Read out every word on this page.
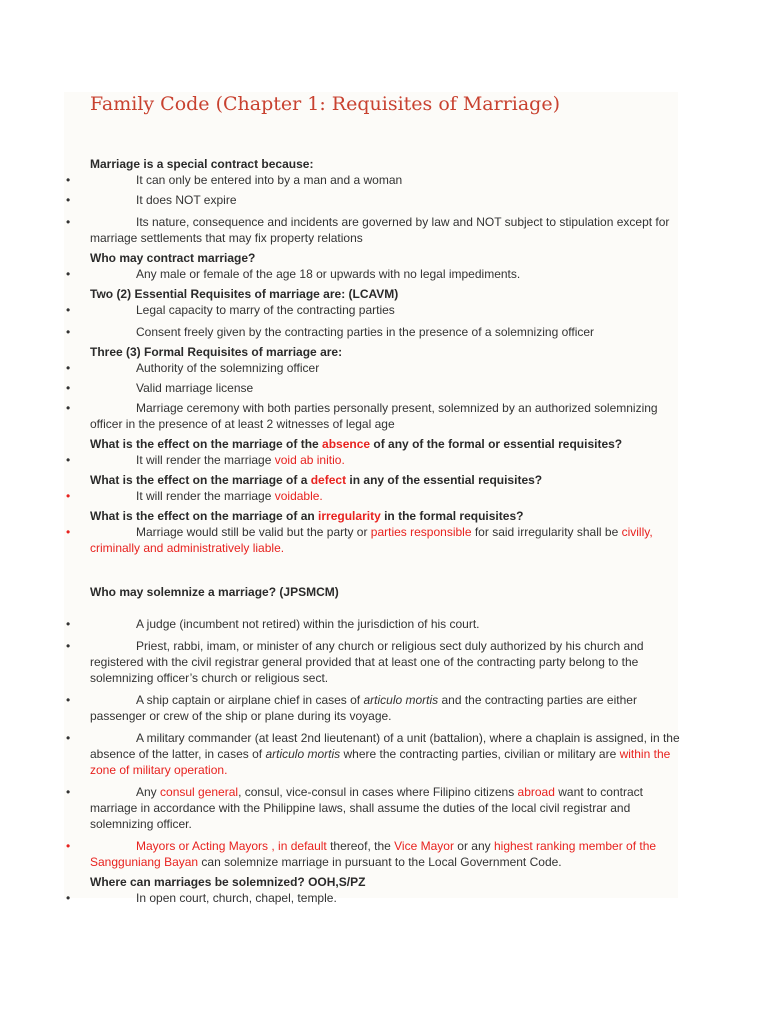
Family Code (Chapter 1: Requisites of Marriage)
Marriage is a special contract because:
•	It can only be entered into by a man and a woman
•	It does NOT expire
•	Its nature, consequence and incidents are governed by law and NOT subject to stipulation except for marriage settlements that may fix property relations
Who may contract marriage?
•	Any male or female of the age 18 or upwards with no legal impediments.
Two (2) Essential Requisites of marriage are: (LCAVM)
•	Legal capacity to marry of the contracting parties
•	Consent freely given by the contracting parties in the presence of a solemnizing officer
Three (3) Formal Requisites of marriage are:
•	Authority of the solemnizing officer
•	Valid marriage license
•	Marriage ceremony with both parties personally present, solemnized by an authorized solemnizing officer in the presence of at least 2 witnesses of legal age
What is the effect on the marriage of the absence of any of the formal or essential requisites?
•	It will render the marriage void ab initio.
What is the effect on the marriage of a defect in any of the essential requisites?
•	It will render the marriage voidable.
What is the effect on the marriage of an irregularity in the formal requisites?
•	Marriage would still be valid but the party or parties responsible for said irregularity shall be civilly, criminally and administratively liable.
Who may solemnize a marriage? (JPSMCM)
•	A judge (incumbent not retired) within the jurisdiction of his court.
•	Priest, rabbi, imam, or minister of any church or religious sect duly authorized by his church and registered with the civil registrar general provided that at least one of the contracting party belong to the solemnizing officer’s church or religious sect.
•	A ship captain or airplane chief in cases of articulo mortis and the contracting parties are either passenger or crew of the ship or plane during its voyage.
•	A military commander (at least 2nd lieutenant) of a unit (battalion), where a chaplain is assigned, in the absence of the latter, in cases of articulo mortis where the contracting parties, civilian or military are within the zone of military operation.
•	Any consul general, consul, vice-consul in cases where Filipino citizens abroad want to contract marriage in accordance with the Philippine laws, shall assume the duties of the local civil registrar and solemnizing officer.
•	Mayors or Acting Mayors , in default thereof, the Vice Mayor or any highest ranking member of the Sangguniang Bayan can solemnize marriage in pursuant to the Local Government Code.
Where can marriages be solemnized? OOH,S/PZ
•	In open court, church, chapel, temple.
